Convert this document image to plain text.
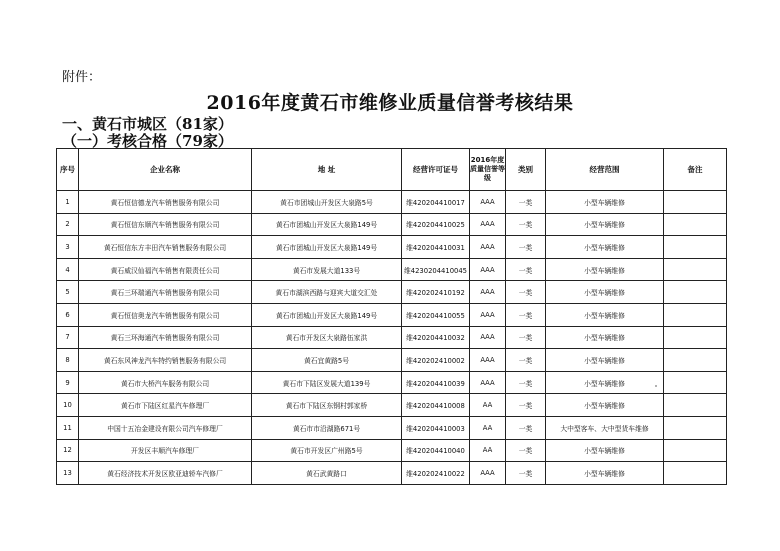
附件：
2016年度黄石市维修业质量信誉考核结果
一、黄石市城区（81家）
（一）考核合格（79家）
序号	企业名称	地 址	经营许可证号	2016年度质量信誉等级	类别	经营范围	备注
1	黄石恒信德龙汽车销售服务有限公司	黄石市团城山开发区大泉路5号	维420204410017	AAA	一类	小型车辆维修	
2	黄石恒信东顺汽车销售服务有限公司	黄石市团城山开发区大泉路149号	维420204410025	AAA	一类	小型车辆维修	
3	黄石恒信东方丰田汽车销售服务有限公司	黄石市团城山开发区大泉路149号	维420204410031	AAA	一类	小型车辆维修	
4	黄石威汉仙福汽车销售有限责任公司	黄石市发展大道133号	维4230204410045	AAA	一类	小型车辆维修	
5	黄石三环瑞通汽车销售服务有限公司	黄石市湖滨西路与迎宾大道交汇处	维420202410192	AAA	一类	小型车辆维修	
6	黄石恒信奥龙汽车销售服务有限公司	黄石市团城山开发区大泉路149号	维420204410055	AAA	一类	小型车辆维修	
7	黄石三环海通汽车销售服务有限公司	黄石市开发区大泉路伍家洪	维420204410032	AAA	一类	小型车辆维修	
8	黄石东风神龙汽车特约销售服务有限公司	黄石宜黄路5号	维420202410002	AAA	一类	小型车辆维修	
9	黄石市大桥汽车服务有限公司	黄石市下陆区发展大道139号	维420204410039	AAA	一类	小型车辆维修	
10	黄石市下陆区红星汽车修理厂	黄石市下陆区东钢村郭家桥	维420204410008	AA	一类	小型车辆维修	
11	中国十五冶金建设有限公司汽车修理厂	黄石市市沿湖路671号	维420204410003	AA	一类	大中型客车、大中型货车维修	
12	开发区丰顺汽车修理厂	黄石市开发区广州路5号	维420204410040	AA	一类	小型车辆维修	
13	黄石经济技术开发区欧亚迪轿车汽修厂	黄石武黄路口	维420202410022	AAA	一类	小型车辆维修	
